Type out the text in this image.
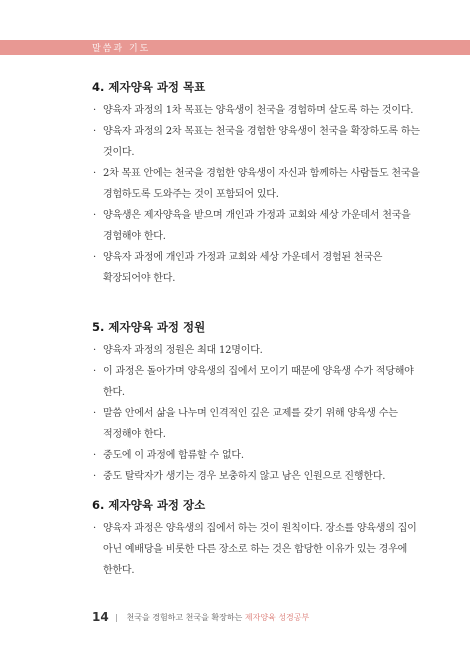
말씀과 기도
4. 제자양육 과정 목표
· 양육자 과정의 1차 목표는 양육생이 천국을 경험하며 살도록 하는 것이다.
· 양육자 과정의 2차 목표는 천국을 경험한 양육생이 천국을 확장하도록 하는 것이다.
· 2차 목표 안에는 천국을 경험한 양육생이 자신과 함께하는 사람들도 천국을 경험하도록 도와주는 것이 포함되어 있다.
· 양육생은 제자양육을 받으며 개인과 가정과 교회와 세상 가운데서 천국을 경험해야 한다.
· 양육자 과정에 개인과 가정과 교회와 세상 가운데서 경험된 천국은 확장되어야 한다.
5. 제자양육 과정 정원
· 양육자 과정의 정원은 최대 12명이다.
· 이 과정은 돌아가며 양육생의 집에서 모이기 때문에 양육생 수가 적당해야 한다.
· 말씀 안에서 삶을 나누며 인격적인 깊은 교제를 갖기 위해 양육생 수는 적정해야 한다.
· 중도에 이 과정에 합류할 수 없다.
· 중도 탈락자가 생기는 경우 보충하지 않고 남은 인원으로 진행한다.
6. 제자양육 과정 장소
· 양육자 과정은 양육생의 집에서 하는 것이 원칙이다. 장소를 양육생의 집이 아닌 예배당을 비롯한 다른 장소로 하는 것은 합당한 이유가 있는 경우에 한한다.
14 | 천국을 경험하고 천국을 확장하는 제자양육 성경공부
